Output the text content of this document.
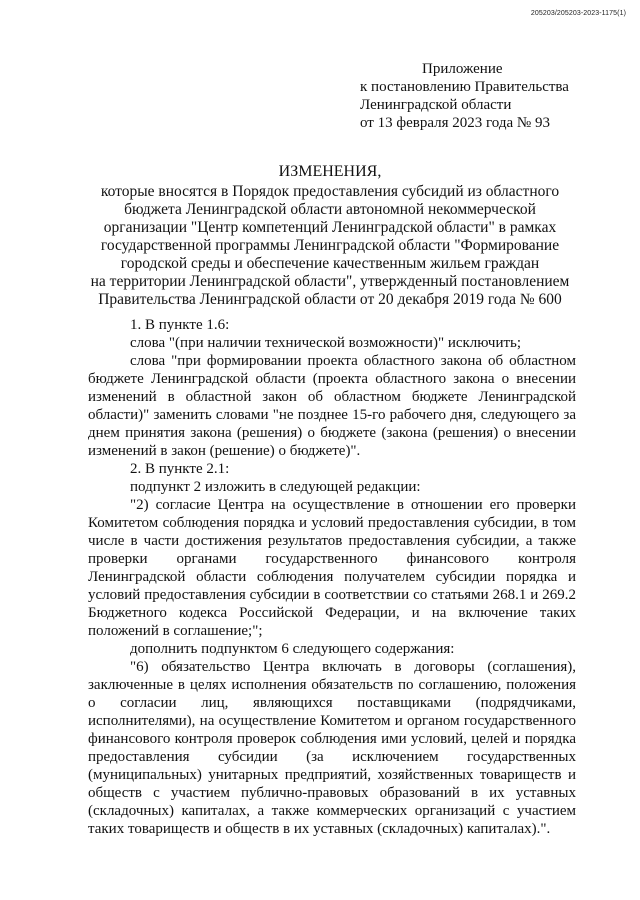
205203/205203-2023-1175(1)
Приложение
к постановлению Правительства
Ленинградской области
от 13 февраля 2023 года № 93
ИЗМЕНЕНИЯ,
которые вносятся в Порядок предоставления субсидий из областного
бюджета Ленинградской области автономной некоммерческой
организации "Центр компетенций Ленинградской области" в рамках
государственной программы Ленинградской области "Формирование
городской среды и обеспечение качественным жильем граждан
на территории Ленинградской области", утвержденный постановлением
Правительства Ленинградской области от 20 декабря 2019 года № 600

1. В пункте 1.6:

слова "(при наличии технической возможности)" исключить;

слова "при формировании проекта областного закона об областном бюджете Ленинградской области (проекта областного закона о внесении изменений в областной закон об областном бюджете Ленинградской области)" заменить словами "не позднее 15-го рабочего дня, следующего за днем принятия закона (решения) о бюджете (закона (решения) о внесении изменений в закон (решение) о бюджете)".

2. В пункте 2.1:

подпункт 2 изложить в следующей редакции:

"2) согласие Центра на осуществление в отношении его проверки Комитетом соблюдения порядка и условий предоставления субсидии, в том числе в части достижения результатов предоставления субсидии, а также проверки органами государственного финансового контроля Ленинградской области соблюдения получателем субсидии порядка и условий предоставления субсидии в соответствии со статьями 268.1 и 269.2 Бюджетного кодекса Российской Федерации, и на включение таких положений в соглашение;";

дополнить подпунктом 6 следующего содержания:

"6) обязательство Центра включать в договоры (соглашения), заключенные в целях исполнения обязательств по соглашению, положения о согласии лиц, являющихся поставщиками (подрядчиками, исполнителями), на осуществление Комитетом и органом государственного финансового контроля проверок соблюдения ими условий, целей и порядка предоставления субсидии (за исключением государственных (муниципальных) унитарных предприятий, хозяйственных товариществ и обществ с участием публично-правовых образований в их уставных (складочных) капиталах, а также коммерческих организаций с участием таких товариществ и обществ в их уставных (складочных) капиталах).".
